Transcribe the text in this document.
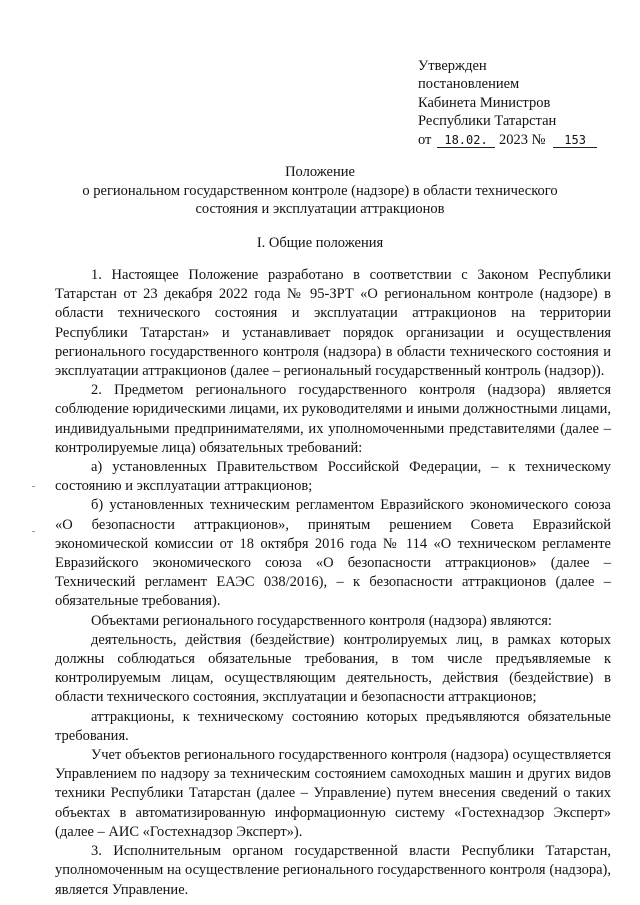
Утвержден
постановлением
Кабинета Министров
Республики Татарстан
от 18.02. 2023 № 153
Положение
о региональном государственном контроле (надзоре) в области технического
состояния и эксплуатации аттракционов
I. Общие положения

1. Настоящее Положение разработано в соответствии с Законом Республики Татарстан от 23 декабря 2022 года № 95-ЗРТ «О региональном контроле (надзоре) в области технического состояния и эксплуатации аттракционов на территории Республики Татарстан» и устанавливает порядок организации и осуществления регионального государственного контроля (надзора) в области технического состояния и эксплуатации аттракционов (далее – региональный государственный контроль (надзор)).

2. Предметом регионального государственного контроля (надзора) является соблюдение юридическими лицами, их руководителями и иными должностными лицами, индивидуальными предпринимателями, их уполномоченными представителями (далее – контролируемые лица) обязательных требований:

а) установленных Правительством Российской Федерации, – к техническому состоянию и эксплуатации аттракционов;

б) установленных техническим регламентом Евразийского экономического союза «О безопасности аттракционов», принятым решением Совета Евразийской экономической комиссии от 18 октября 2016 года № 114 «О техническом регламенте Евразийского экономического союза «О безопасности аттракционов» (далее – Технический регламент ЕАЭС 038/2016), – к безопасности аттракционов (далее – обязательные требования).

Объектами регионального государственного контроля (надзора) являются:

деятельность, действия (бездействие) контролируемых лиц, в рамках которых должны соблюдаться обязательные требования, в том числе предъявляемые к контролируемым лицам, осуществляющим деятельность, действия (бездействие) в области технического состояния, эксплуатации и безопасности аттракционов;

аттракционы, к техническому состоянию которых предъявляются обязательные требования.

Учет объектов регионального государственного контроля (надзора) осуществляется Управлением по надзору за техническим состоянием самоходных машин и других видов техники Республики Татарстан (далее – Управление) путем внесения сведений о таких объектах в автоматизированную информационную систему «Гостехнадзор Эксперт» (далее – АИС «Гостехнадзор Эксперт»).

3. Исполнительным органом государственной власти Республики Татарстан, уполномоченным на осуществление регионального государственного контроля (надзора), является Управление.
